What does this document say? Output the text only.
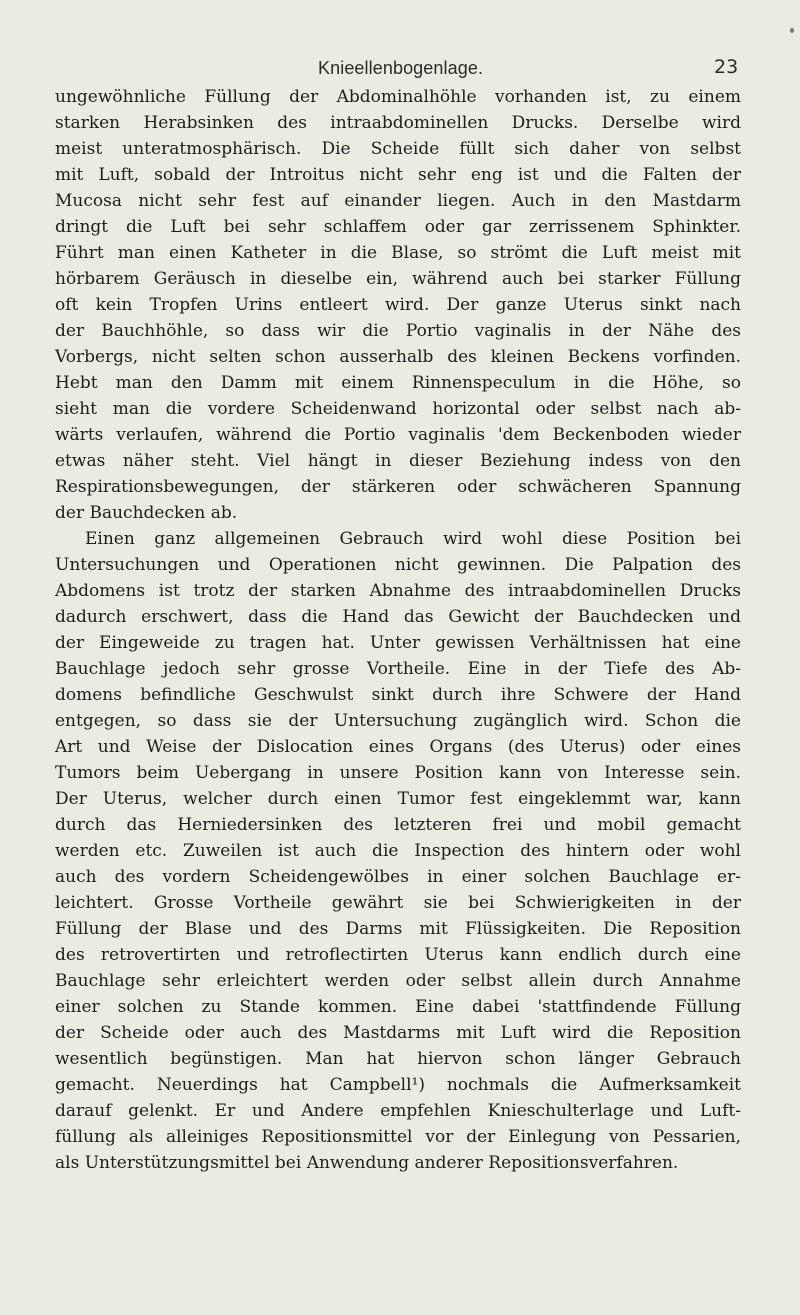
Knieellenbogenlage.	23
ungewöhnliche Füllung der Abdominalhöhle vorhanden ist, zu einem
starken Herabsinken des intraabdominellen Drucks. Derselbe wird
meist unteratmosphärisch. Die Scheide füllt sich daher von selbst
mit Luft, sobald der Introitus nicht sehr eng ist und die Falten der
Mucosa nicht sehr fest auf einander liegen. Auch in den Mastdarm
dringt die Luft bei sehr schlaffem oder gar zerrissenem Sphinkter.
Führt man einen Katheter in die Blase, so strömt die Luft meist mit
hörbarem Geräusch in dieselbe ein, während auch bei starker Füllung
oft kein Tropfen Urins entleert wird. Der ganze Uterus sinkt nach
der Bauchhöhle, so dass wir die Portio vaginalis in der Nähe des
Vorbergs, nicht selten schon ausserhalb des kleinen Beckens vorfinden.
Hebt man den Damm mit einem Rinnenspeculum in die Höhe, so
sieht man die vordere Scheidenwand horizontal oder selbst nach ab-
wärts verlaufen, während die Portio vaginalis 'dem Beckenboden wieder
etwas näher steht. Viel hängt in dieser Beziehung indess von den
Respirationsbewegungen, der stärkeren oder schwächeren Spannung
der Bauchdecken ab.
Einen ganz allgemeinen Gebrauch wird wohl diese Position bei
Untersuchungen und Operationen nicht gewinnen. Die Palpation des
Abdomens ist trotz der starken Abnahme des intraabdominellen Drucks
dadurch erschwert, dass die Hand das Gewicht der Bauchdecken und
der Eingeweide zu tragen hat. Unter gewissen Verhältnissen hat eine
Bauchlage jedoch sehr grosse Vortheile. Eine in der Tiefe des Ab-
domens befindliche Geschwulst sinkt durch ihre Schwere der Hand
entgegen, so dass sie der Untersuchung zugänglich wird. Schon die
Art und Weise der Dislocation eines Organs (des Uterus) oder eines
Tumors beim Uebergang in unsere Position kann von Interesse sein.
Der Uterus, welcher durch einen Tumor fest eingeklemmt war, kann
durch das Herniedersinken des letzteren frei und mobil gemacht
werden etc. Zuweilen ist auch die Inspection des hintern oder wohl
auch des vordern Scheidengewölbes in einer solchen Bauchlage er-
leichtert. Grosse Vortheile gewährt sie bei Schwierigkeiten in der
Füllung der Blase und des Darms mit Flüssigkeiten. Die Reposition
des retrovertirten und retroflectirten Uterus kann endlich durch eine
Bauchlage sehr erleichtert werden oder selbst allein durch Annahme
einer solchen zu Stande kommen. Eine dabei 'stattfindende Füllung
der Scheide oder auch des Mastdarms mit Luft wird die Reposition
wesentlich begünstigen. Man hat hiervon schon länger Gebrauch
gemacht. Neuerdings hat Campbell¹) nochmals die Aufmerksamkeit
darauf gelenkt. Er und Andere empfehlen Knieschulterlage und Luft-
füllung als alleiniges Repositionsmittel vor der Einlegung von Pessarien,
als Unterstützungsmittel bei Anwendung anderer Repositionsverfahren.
